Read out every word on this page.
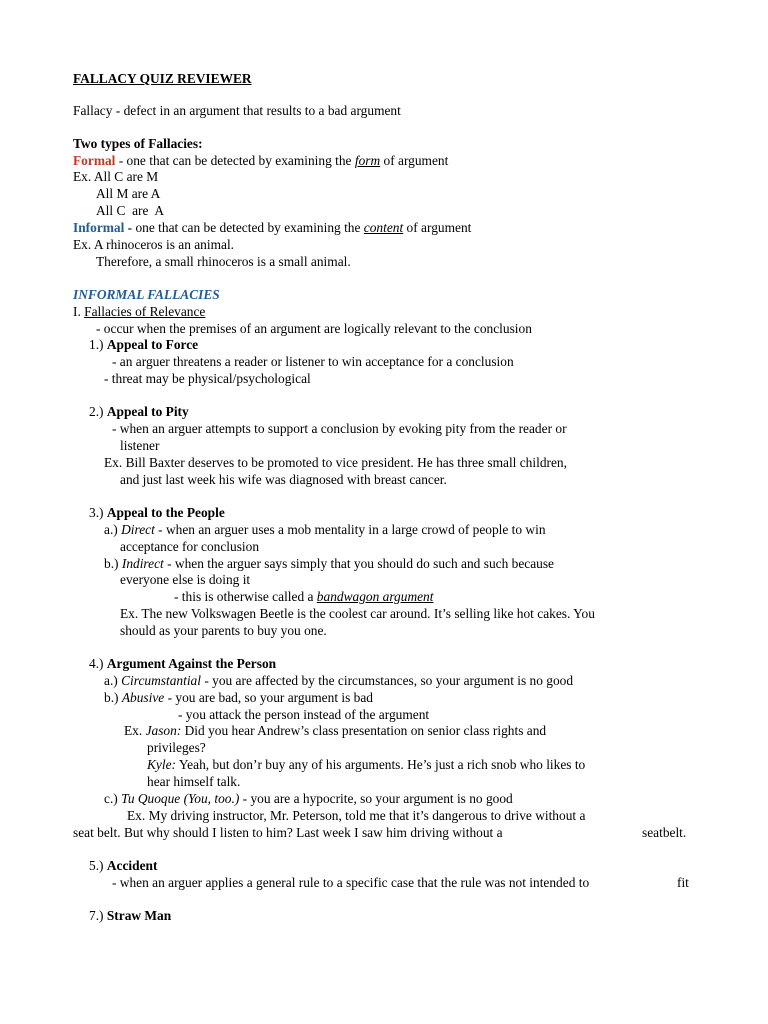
FALLACY QUIZ REVIEWER
Fallacy - defect in an argument that results to a bad argument
Two types of Fallacies:
Formal - one that can be detected by examining the form of argument
Ex. All C are M
All M are A
All C  are  A
Informal - one that can be detected by examining the content of argument
Ex. A rhinoceros is an animal.
Therefore, a small rhinoceros is a small animal.
INFORMAL FALLACIES
I. Fallacies of Relevance
- occur when the premises of an argument are logically relevant to the conclusion
1.) Appeal to Force
- an arguer threatens a reader or listener to win acceptance for a conclusion
- threat may be physical/psychological
2.) Appeal to Pity
- when an arguer attempts to support a conclusion by evoking pity from the reader or
listener
Ex. Bill Baxter deserves to be promoted to vice president. He has three small children,
and just last week his wife was diagnosed with breast cancer.
3.) Appeal to the People
a.) Direct - when an arguer uses a mob mentality in a large crowd of people to win
acceptance for conclusion
b.) Indirect - when the arguer says simply that you should do such and such because
everyone else is doing it
- this is otherwise called a bandwagon argument
Ex. The new Volkswagen Beetle is the coolest car around. It’s selling like hot cakes. You
should as your parents to buy you one.
4.) Argument Against the Person
a.) Circumstantial - you are affected by the circumstances, so your argument is no good
b.) Abusive - you are bad, so your argument is bad
- you attack the person instead of the argument
Ex. Jason: Did you hear Andrew’s class presentation on senior class rights and
privileges?
Kyle: Yeah, but don’r buy any of his arguments. He’s just a rich snob who likes to
hear himself talk.
c.) Tu Quoque (You, too.) - you are a hypocrite, so your argument is no good
Ex. My driving instructor, Mr. Peterson, told me that it’s dangerous to drive without a
seat belt. But why should I listen to him? Last week I saw him driving without a	seatbelt.
5.) Accident
- when an arguer applies a general rule to a specific case that the rule was not intended to	fit
7.) Straw Man
